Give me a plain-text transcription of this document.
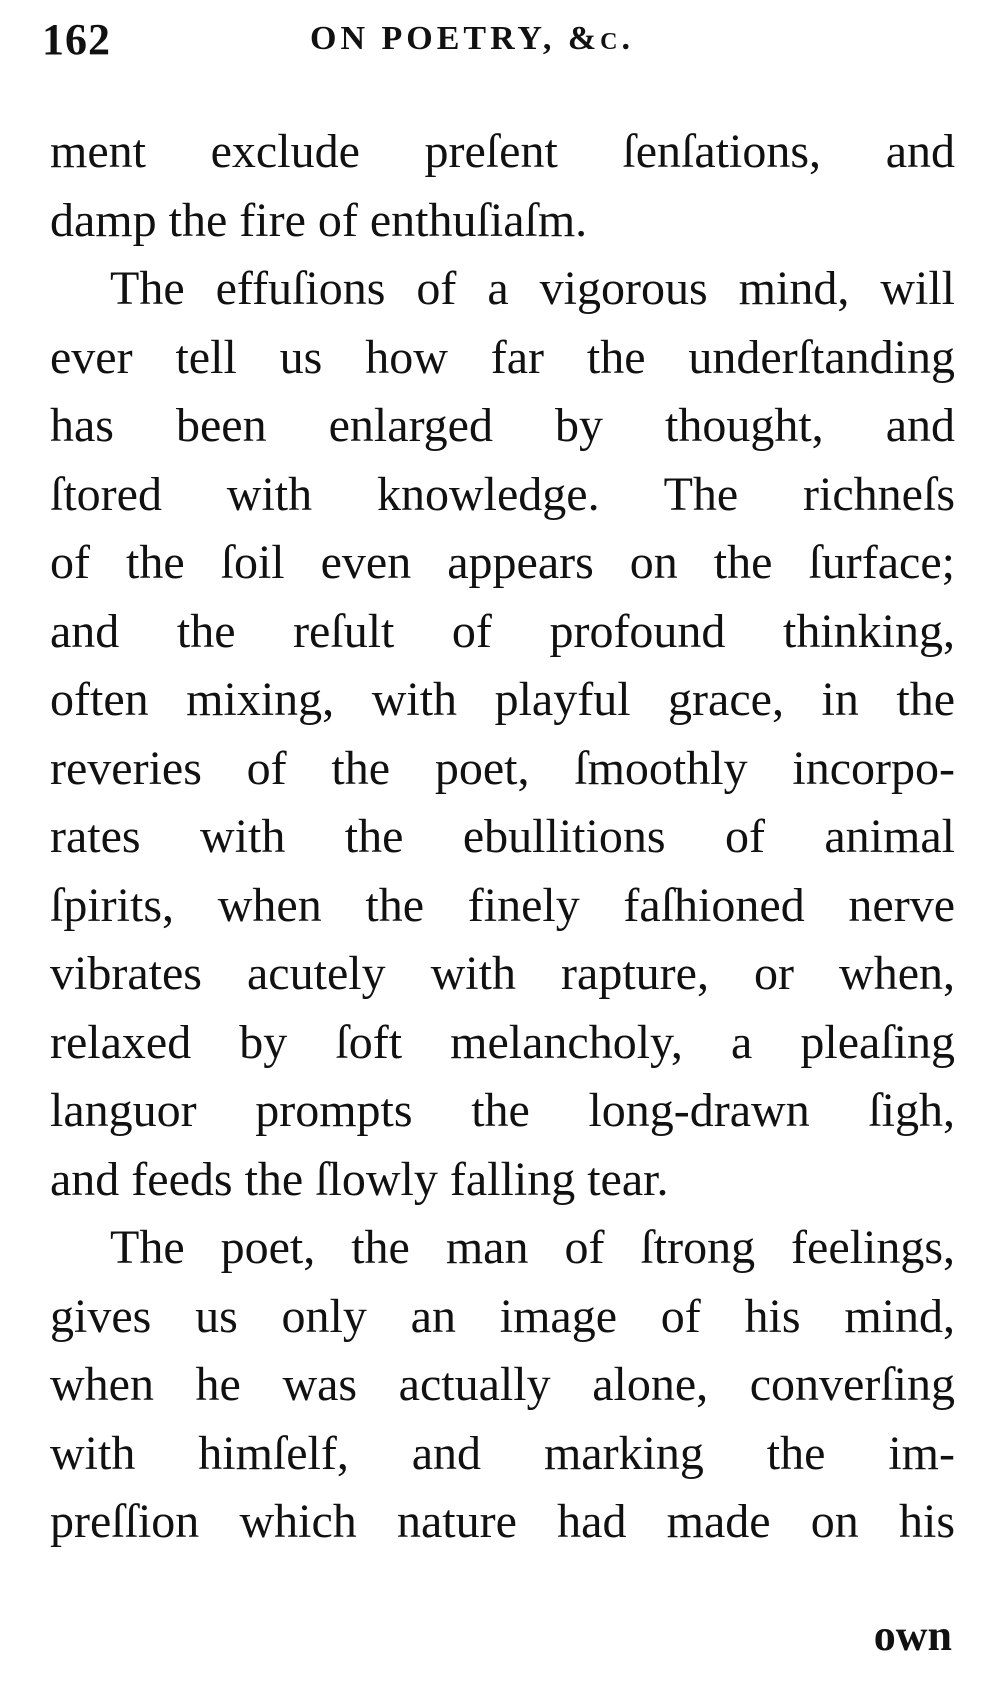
162	ON POETRY, &c.
ment exclude preſent ſenſations, and
damp the fire of enthuſiaſm.
The effuſions of a vigorous mind, will
ever tell us how far the underſtanding
has been enlarged by thought, and
ſtored with knowledge. The richneſs
of the ſoil even appears on the ſurface;
and the reſult of profound thinking,
often mixing, with playful grace, in the
reveries of the poet, ſmoothly incorpo-
rates with the ebullitions of animal
ſpirits, when the finely faſhioned nerve
vibrates acutely with rapture, or when,
relaxed by ſoft melancholy, a pleaſing
languor prompts the long-drawn ſigh,
and feeds the ſlowly falling tear.
The poet, the man of ſtrong feelings,
gives us only an image of his mind,
when he was actually alone, converſing
with himſelf, and marking the im-
preſſion which nature had made on his
own
